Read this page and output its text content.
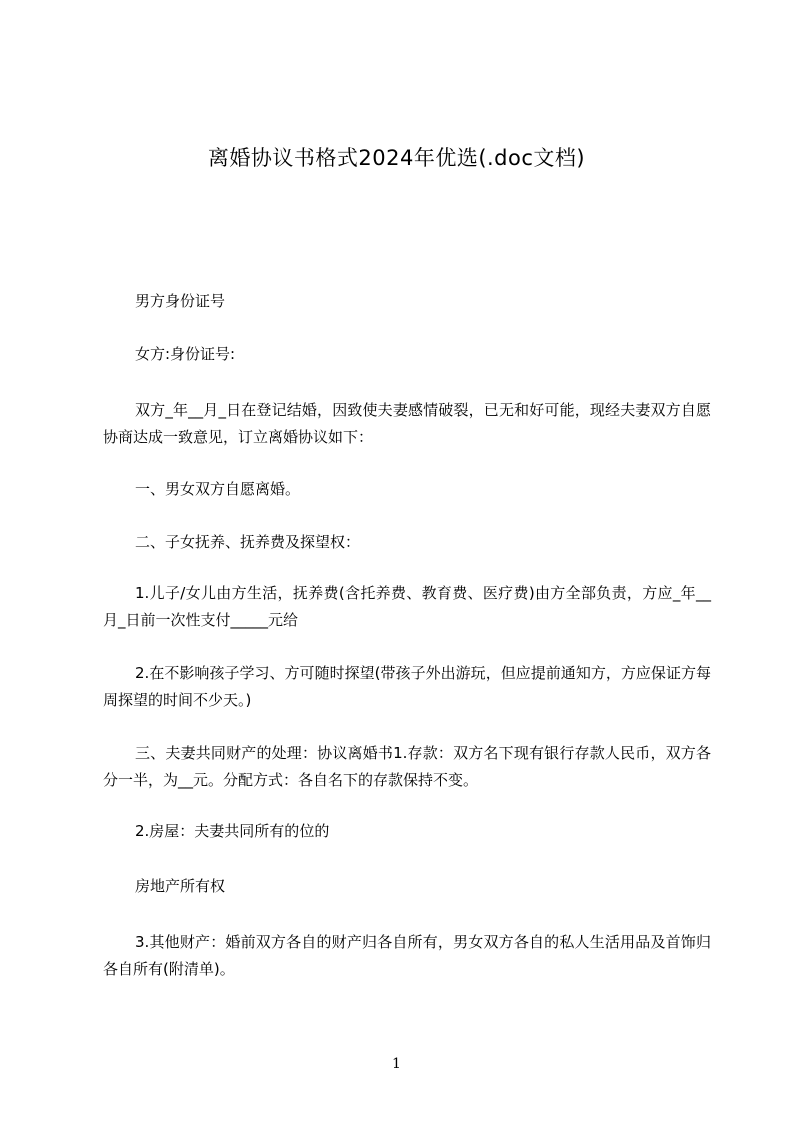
离婚协议书格式2024年优选(.doc文档)
男方身份证号
女方:身份证号:
双方_年__月_日在登记结婚，因致使夫妻感情破裂，已无和好可能，现经夫妻双方自愿协商达成一致意见，订立离婚协议如下：
一、男女双方自愿离婚。
二、子女抚养、抚养费及探望权：
1.儿子/女儿由方生活，抚养费(含托养费、教育费、医疗费)由方全部负责，方应_年__月_日前一次性支付_____元给
2.在不影响孩子学习、方可随时探望(带孩子外出游玩，但应提前通知方，方应保证方每周探望的时间不少天。)
三、夫妻共同财产的处理：协议离婚书1.存款：双方名下现有银行存款人民币，双方各分一半，为__元。分配方式：各自名下的存款保持不变。
2.房屋：夫妻共同所有的位的
房地产所有权
3.其他财产：婚前双方各自的财产归各自所有，男女双方各自的私人生活用品及首饰归各自所有(附清单)。
1
